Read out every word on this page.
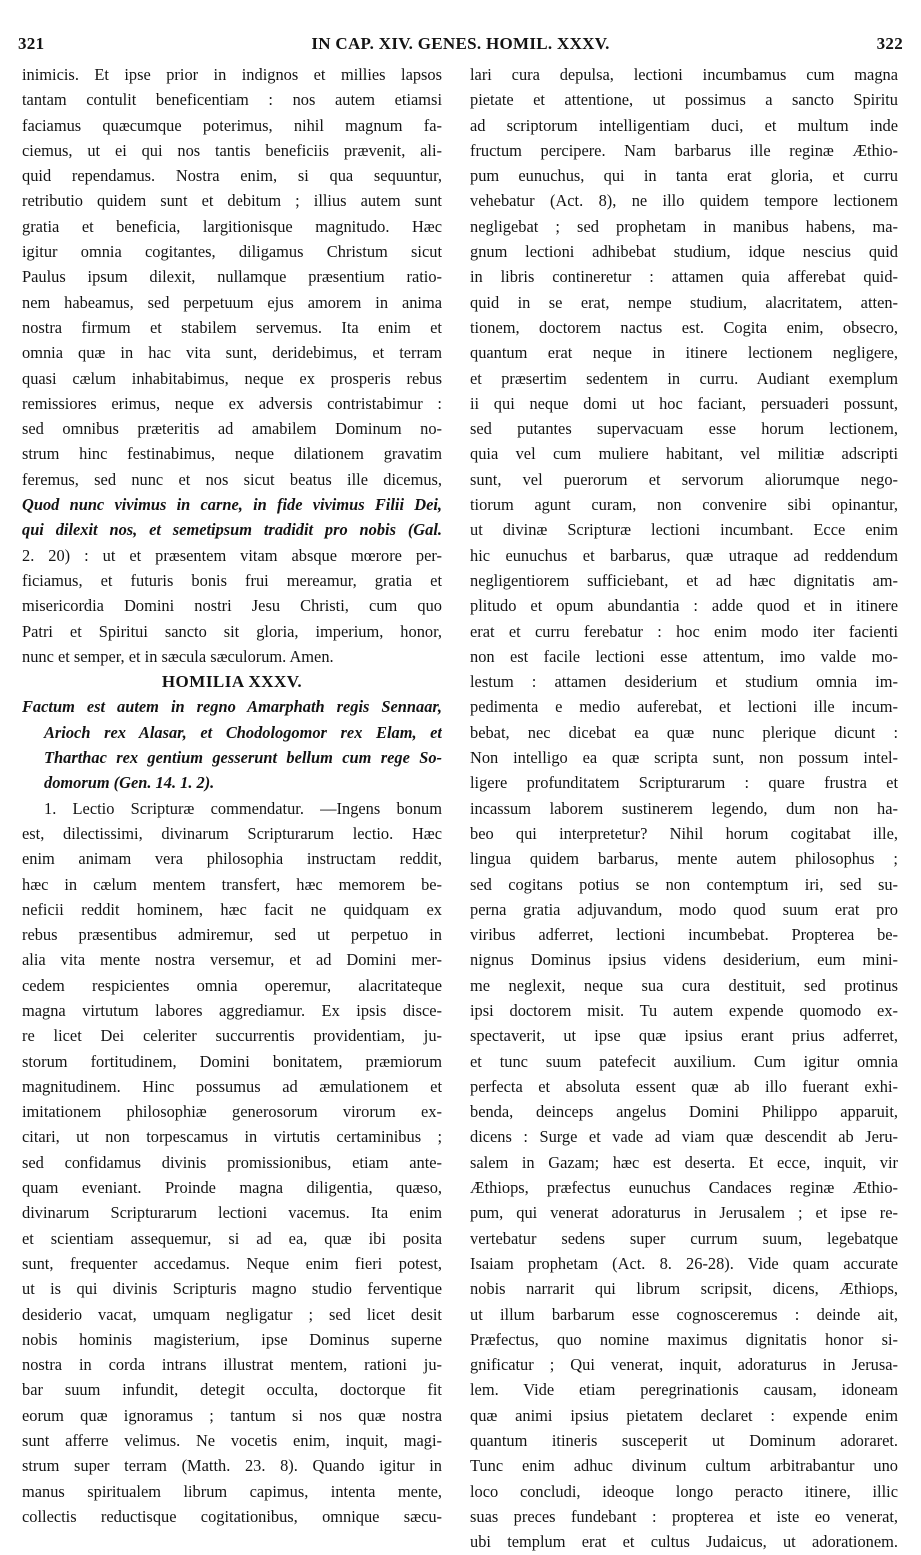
321	IN CAP. XIV. GENES. HOMIL. XXXV.	322
inimicis. Et ipse prior in indignos et millies lapsos
tantam contulit beneficentiam : nos autem etiamsi
faciamus quæcumque poterimus, nihil magnum fa-
ciemus, ut ei qui nos tantis beneficiis prævenit, ali-
quid rependamus. Nostra enim, si qua sequuntur,
retributio quidem sunt et debitum ; illius autem sunt
gratia et beneficia, largitionisque magnitudo. Hæc
igitur omnia cogitantes, diligamus Christum sicut
Paulus ipsum dilexit, nullamque præsentium ratio-
nem habeamus, sed perpetuum ejus amorem in anima
nostra firmum et stabilem servemus. Ita enim et
omnia quæ in hac vita sunt, deridebimus, et terram
quasi cælum inhabitabimus, neque ex prosperis rebus
remissiores erimus, neque ex adversis contristabimur :
sed omnibus præteritis ad amabilem Dominum no-
strum hinc festinabimus, neque dilationem gravatim
feremus, sed nunc et nos sicut beatus ille dicemus,
Quod nunc vivimus in carne, in fide vivimus Filii Dei,
qui dilexit nos, et semetipsum tradidit pro nobis (Gal.
2. 20) : ut et præsentem vitam absque mœrore per-
ficiamus, et futuris bonis frui mereamur, gratia et
misericordia Domini nostri Jesu Christi, cum quo
Patri et Spiritui sancto sit gloria, imperium, honor,
nunc et semper, et in sæcula sæculorum. Amen.
HOMILIA XXXV.
Factum est autem in regno Amarphath regis Sennaar,
Arioch rex Alasar, et Chodologomor rex Elam, et
Tharthac rex gentium gesserunt bellum cum rege So-
domorum (Gen. 14. 1. 2).
1. Lectio Scripturæ commendatur. —Ingens bonum
est, dilectissimi, divinarum Scripturarum lectio. Hæc
enim animam vera philosophia instructam reddit,
hæc in cælum mentem transfert, hæc memorem be-
neficii reddit hominem, hæc facit ne quidquam ex
rebus præsentibus admiremur, sed ut perpetuo in
alia vita mente nostra versemur, et ad Domini mer-
cedem respicientes omnia operemur, alacritateque
magna virtutum labores aggrediamur. Ex ipsis disce-
re licet Dei celeriter succurrentis providentiam, ju-
storum fortitudinem, Domini bonitatem, præmiorum
magnitudinem. Hinc possumus ad æmulationem et
imitationem philosophiæ generosorum virorum ex-
citari, ut non torpescamus in virtutis certaminibus ;
sed confidamus divinis promissionibus, etiam ante-
quam eveniant. Proinde magna diligentia, quæso,
divinarum Scripturarum lectioni vacemus. Ita enim
et scientiam assequemur, si ad ea, quæ ibi posita
sunt, frequenter accedamus. Neque enim fieri potest,
ut is qui divinis Scripturis magno studio ferventique
desiderio vacat, umquam negligatur ; sed licet desit
nobis hominis magisterium, ipse Dominus superne
nostra in corda intrans illustrat mentem, rationi ju-
bar suum infundit, detegit occulta, doctorque fit
eorum quæ ignoramus ; tantum si nos quæ nostra
sunt afferre velimus. Ne vocetis enim, inquit, magi-
strum super terram (Matth. 23. 8). Quando igitur in
manus spiritualem librum capimus, intenta mente,
collectis reductisque cogitationibus, omnique sæcu-
lari cura depulsa, lectioni incumbamus cum magna
pietate et attentione, ut possimus a sancto Spiritu
ad scriptorum intelligentiam duci, et multum inde
fructum percipere. Nam barbarus ille reginæ Æthio-
pum eunuchus, qui in tanta erat gloria, et curru
vehebatur (Act. 8), ne illo quidem tempore lectionem
negligebat ; sed prophetam in manibus habens, ma-
gnum lectioni adhibebat studium, idque nescius quid
in libris contineretur : attamen quia afferebat quid-
quid in se erat, nempe studium, alacritatem, atten-
tionem, doctorem nactus est. Cogita enim, obsecro,
quantum erat neque in itinere lectionem negligere,
et præsertim sedentem in curru. Audiant exemplum
ii qui neque domi ut hoc faciant, persuaderi possunt,
sed putantes supervacuam esse horum lectionem,
quia vel cum muliere habitant, vel militiæ adscripti
sunt, vel puerorum et servorum aliorumque nego-
tiorum agunt curam, non convenire sibi opinantur,
ut divinæ Scripturæ lectioni incumbant. Ecce enim
hic eunuchus et barbarus, quæ utraque ad reddendum
negligentiorem sufficiebant, et ad hæc dignitatis am-
plitudo et opum abundantia : adde quod et in itinere
erat et curru ferebatur : hoc enim modo iter facienti
non est facile lectioni esse attentum, imo valde mo-
lestum : attamen desiderium et studium omnia im-
pedimenta e medio auferebat, et lectioni ille incum-
bebat, nec dicebat ea quæ nunc plerique dicunt :
Non intelligo ea quæ scripta sunt, non possum intel-
ligere profunditatem Scripturarum : quare frustra et
incassum laborem sustinerem legendo, dum non ha-
beo qui interpretetur? Nihil horum cogitabat ille,
lingua quidem barbarus, mente autem philosophus ;
sed cogitans potius se non contemptum iri, sed su-
perna gratia adjuvandum, modo quod suum erat pro
viribus adferret, lectioni incumbebat. Propterea be-
nignus Dominus ipsius videns desiderium, eum mini-
me neglexit, neque sua cura destituit, sed protinus
ipsi doctorem misit. Tu autem expende quomodo ex-
spectaverit, ut ipse quæ ipsius erant prius adferret,
et tunc suum patefecit auxilium. Cum igitur omnia
perfecta et absoluta essent quæ ab illo fuerant exhi-
benda, deinceps angelus Domini Philippo apparuit,
dicens : Surge et vade ad viam quæ descendit ab Jeru-
salem in Gazam; hæc est deserta. Et ecce, inquit, vir
Æthiops, præfectus eunuchus Candaces reginæ Æthio-
pum, qui venerat adoraturus in Jerusalem ; et ipse re-
vertebatur sedens super currum suum, legebatque
Isaiam prophetam (Act. 8. 26-28). Vide quam accurate
nobis narrarit qui librum scripsit, dicens, Æthiops,
ut illum barbarum esse cognosceremus : deinde ait,
Præfectus, quo nomine maximus dignitatis honor si-
gnificatur ; Qui venerat, inquit, adoraturus in Jerusa-
lem. Vide etiam peregrinationis causam, idoneam
quæ animi ipsius pietatem declaret : expende enim
quantum itineris susceperit ut Dominum adoraret.
Tunc enim adhuc divinum cultum arbitrabantur uno
loco concludi, ideoque longo peracto itinere, illic
suas preces fundebant : propterea et iste eo venerat,
ubi templum erat et cultus Judaicus, ut adorationem.
